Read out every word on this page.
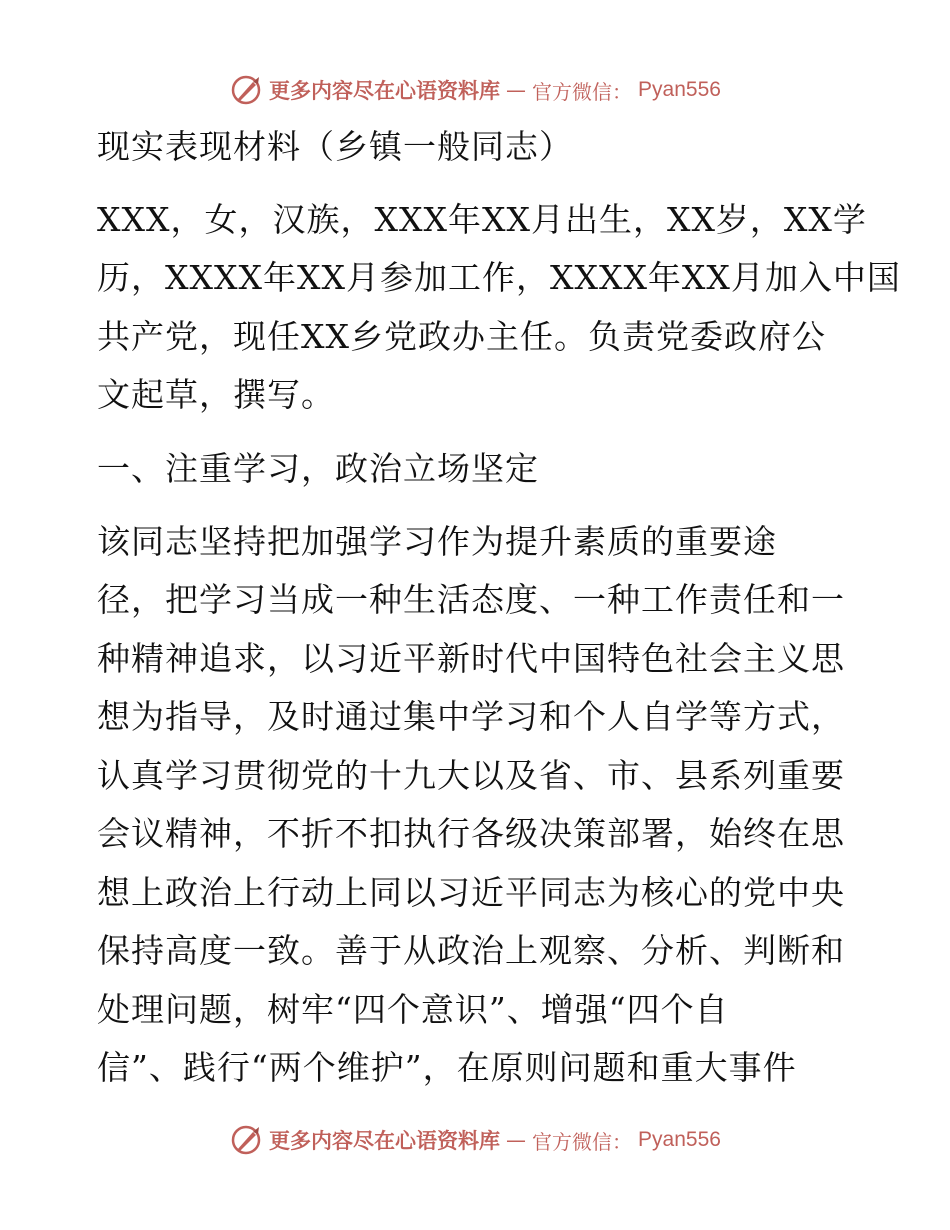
更多内容尽在心语资料库 — 官方微信： Pyan556
现实表现材料（乡镇一般同志）
XXX，女，汉族，XXX年XX月出生，XX岁，XX学
历，XXXX年XX月参加工作，XXXX年XX月加入中国
共产党，现任XX乡党政办主任。负责党委政府公
文起草，撰写。
一、注重学习，政治立场坚定
该同志坚持把加强学习作为提升素质的重要途
径，把学习当成一种生活态度、一种工作责任和一
种精神追求，以习近平新时代中国特色社会主义思
想为指导，及时通过集中学习和个人自学等方式，
认真学习贯彻党的十九大以及省、市、县系列重要
会议精神，不折不扣执行各级决策部署，始终在思
想上政治上行动上同以习近平同志为核心的党中央
保持高度一致。善于从政治上观察、分析、判断和
处理问题，树牢“四个意识”、增强“四个自
信”、践行“两个维护”，在原则问题和重大事件
更多内容尽在心语资料库 — 官方微信： Pyan556
